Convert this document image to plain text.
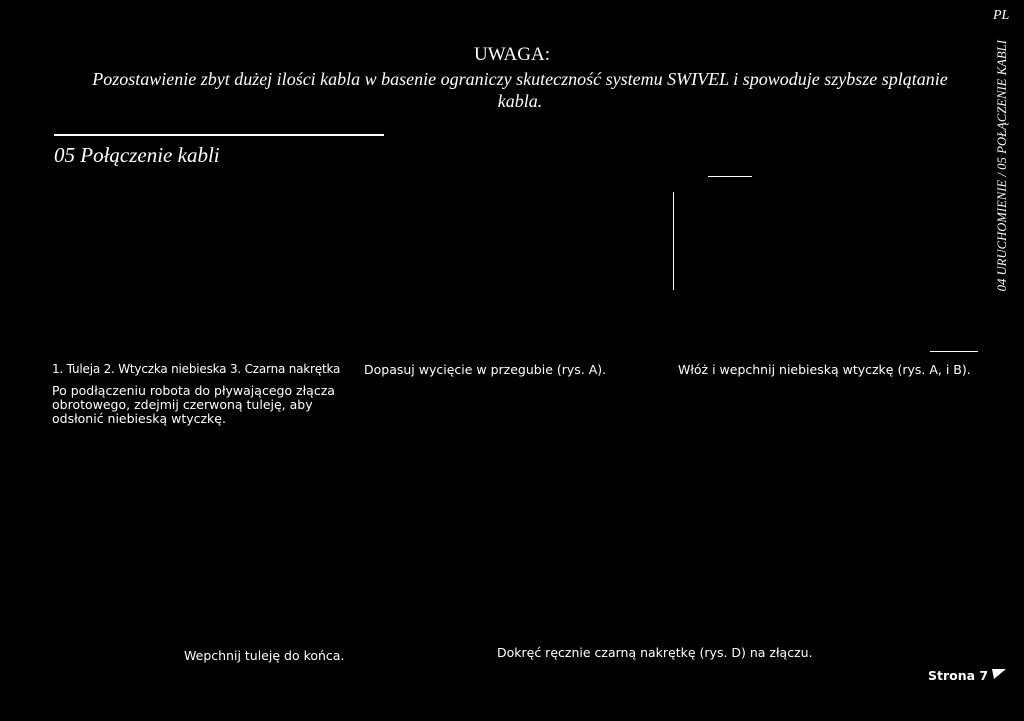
PL
UWAGA:
Pozostawienie zbyt dużej ilości kabla w basenie ograniczy skuteczność systemu SWIVEL i spowoduje szybsze splątanie kabla.
05 Połączenie kabli	04 URUCHOMIENIE / 05 POŁĄCZENIE KABLI
1. Tuleja 2. Wtyczka niebieska 3. Czarna nakrętka
Po podłączeniu robota do pływającego złącza obrotowego, zdejmij czerwoną tuleję, aby odsłonić niebieską wtyczkę.
Dopasuj wycięcie w przegubie (rys. A).	Włóż i wepchnij niebieską wtyczkę (rys. A, i B).
Wepchnij tuleję do końca.	Dokręć ręcznie czarną nakrętkę (rys. D) na złączu.
Strona 7
